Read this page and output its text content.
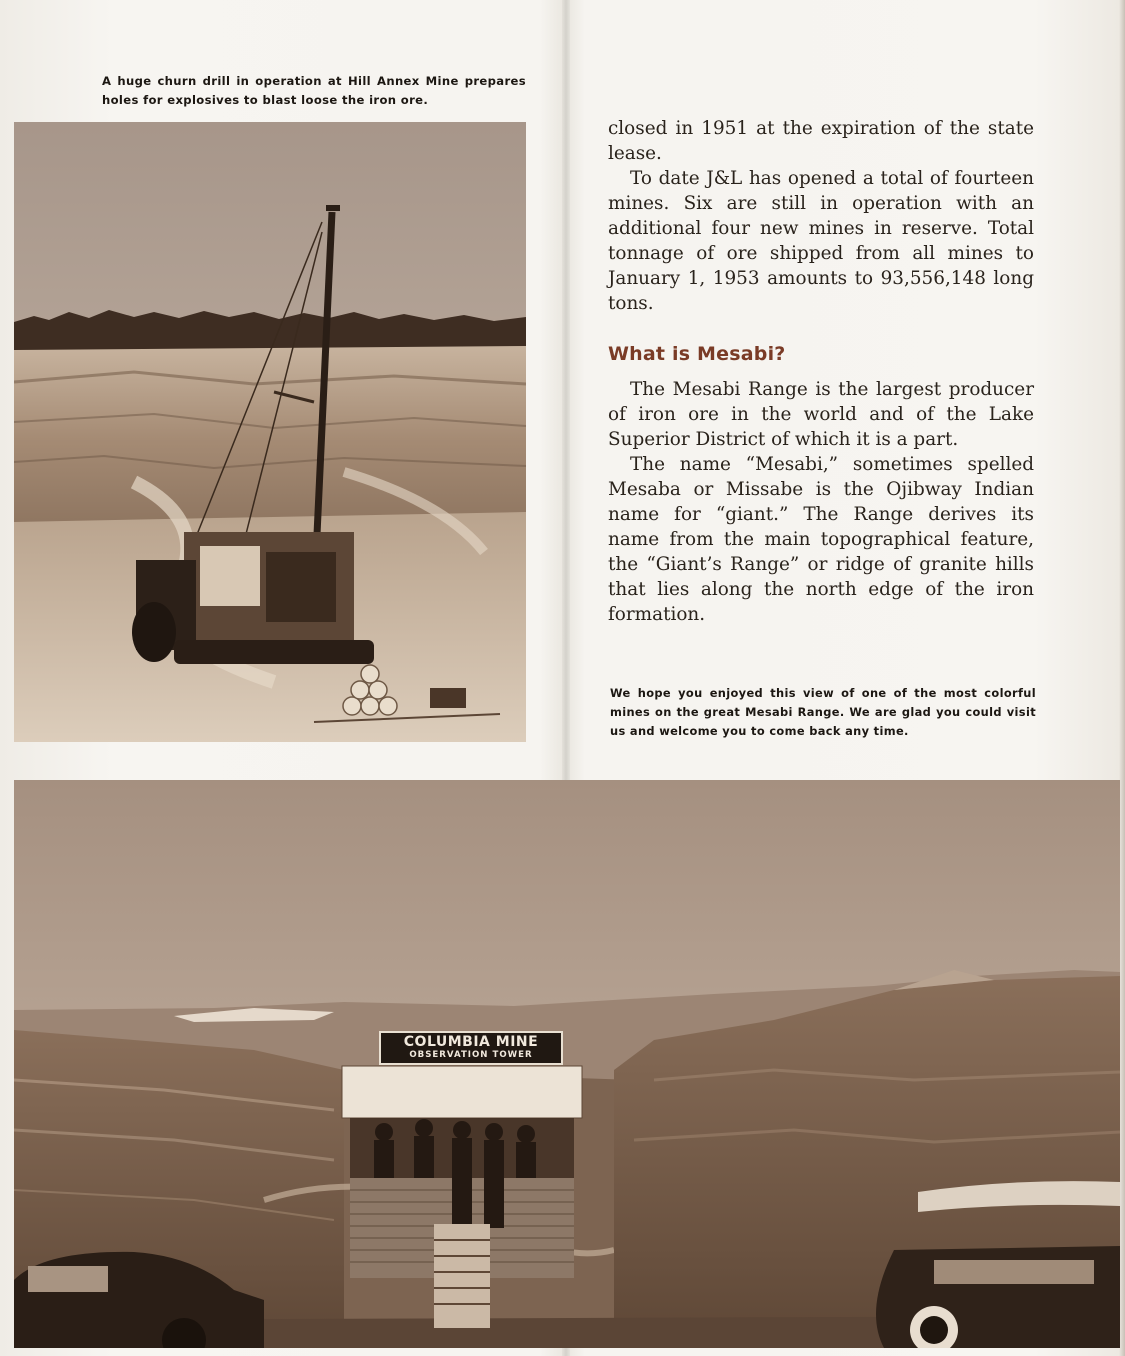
A huge churn drill in operation at Hill Annex Mine prepares holes for explosives to blast loose the iron ore.

closed in 1951 at the expiration of the state lease.

To date J&L has opened a total of fourteen mines. Six are still in operation with an additional four new mines in reserve. Total tonnage of ore shipped from all mines to January 1, 1953 amounts to 93,556,148 long tons.

What is Mesabi?

The Mesabi Range is the largest producer of iron ore in the world and of the Lake Superior District of which it is a part.

The name “Mesabi,” sometimes spelled Mesaba or Missabe is the Ojibway Indian name for “giant.” The Range derives its name from the main topographical feature, the “Giant’s Range” or ridge of granite hills that lies along the north edge of the iron formation.

We hope you enjoyed this view of one of the most colorful mines on the great Mesabi Range. We are glad you could visit us and welcome you to come back any time.
COLUMBIA MINE
OBSERVATION TOWER
